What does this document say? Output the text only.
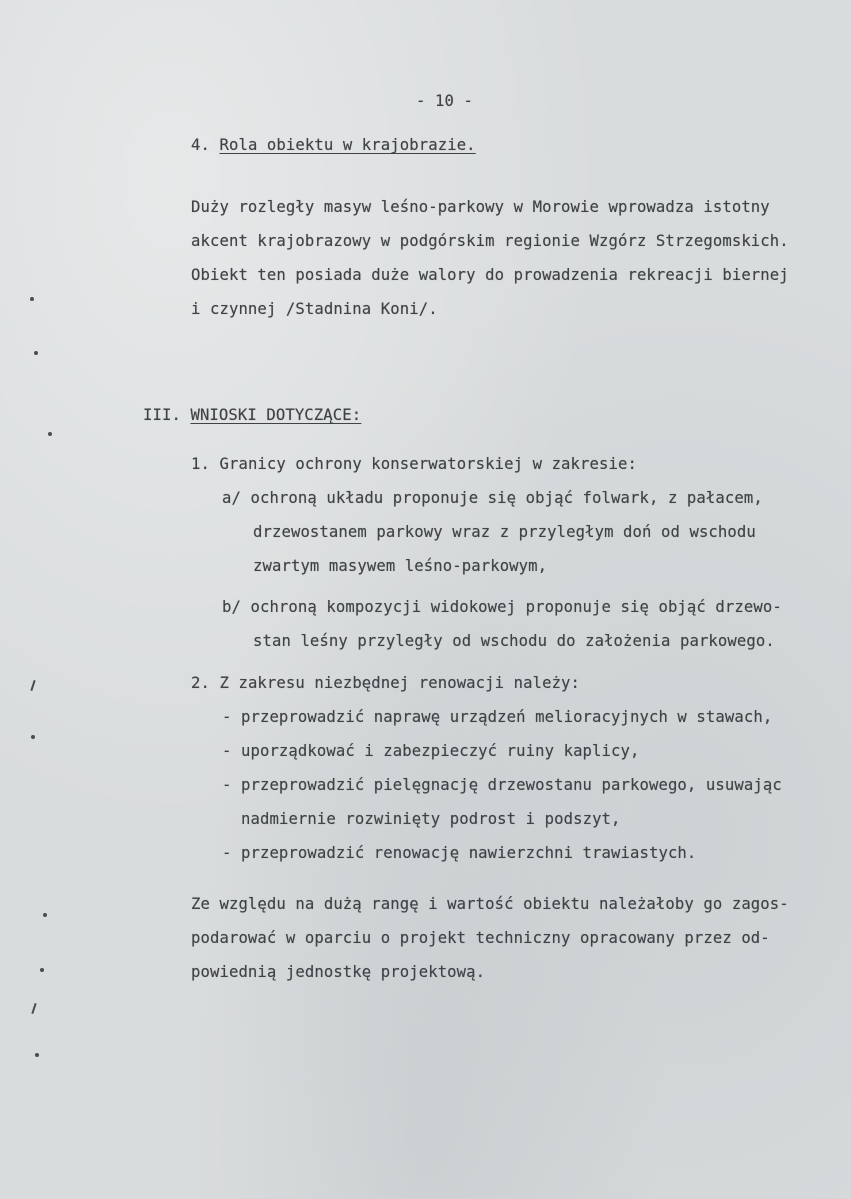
- 10 -
4. Rola obiektu w krajobrazie.
Duży rozległy masyw leśno-parkowy w Morowie wprowadza istotny
akcent krajobrazowy w podgórskim regionie Wzgórz Strzegomskich.
Obiekt ten posiada duże walory do prowadzenia rekreacji biernej
i czynnej /Stadnina Koni/.
III. WNIOSKI DOTYCZĄCE:
1. Granicy ochrony konserwatorskiej w zakresie:
a/ ochroną układu proponuje się objąć folwark, z pałacem,
drzewostanem parkowy wraz z przyległym doń od wschodu
zwartym masywem leśno-parkowym,
b/ ochroną kompozycji widokowej proponuje się objąć drzewo-
stan leśny przyległy od wschodu do założenia parkowego.
2. Z zakresu niezbędnej renowacji należy:
- przeprowadzić naprawę urządzeń melioracyjnych w stawach,
- uporządkować i zabezpieczyć ruiny kaplicy,
- przeprowadzić pielęgnację drzewostanu parkowego, usuwając
nadmiernie rozwinięty podrost i podszyt,
- przeprowadzić renowację nawierzchni trawiastych.
Ze względu na dużą rangę i wartość obiektu należałoby go zagos-
podarować w oparciu o projekt techniczny opracowany przez od-
powiednią jednostkę projektową.
